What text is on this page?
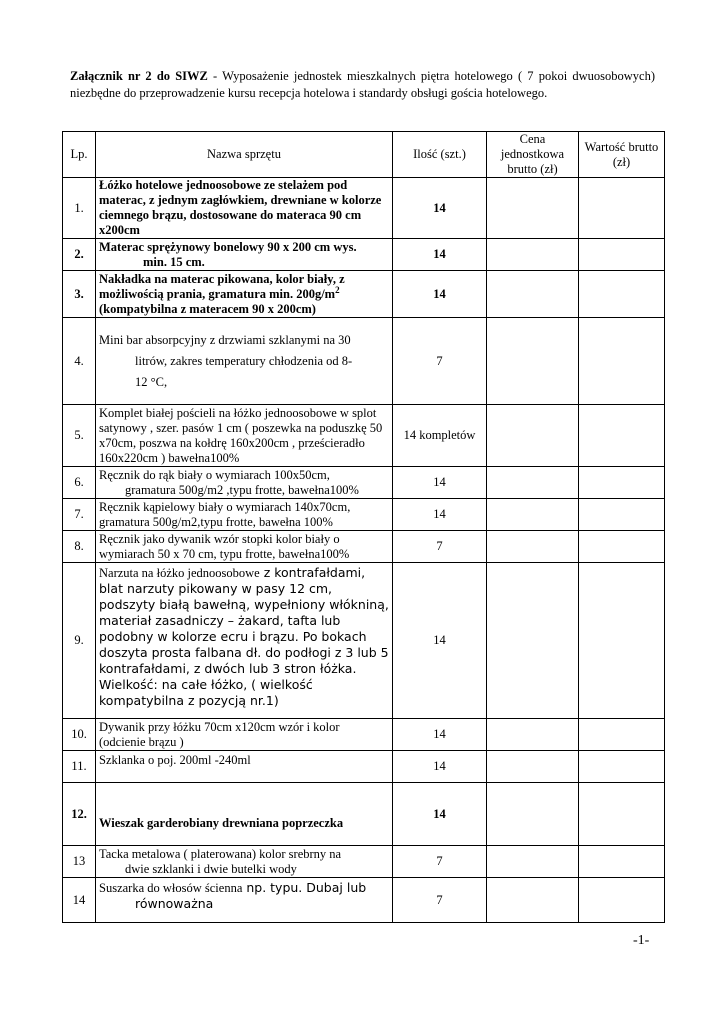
Załącznik nr 2 do SIWZ - Wyposażenie jednostek mieszkalnych piętra hotelowego ( 7 pokoi dwuosobowych) niezbędne do przeprowadzenie kursu recepcja hotelowa i standardy obsługi gościa hotelowego.
Lp.	Nazwa sprzętu	Ilość (szt.)	Cena jednostkowa brutto (zł)	Wartość brutto (zł)
1.	Łóżko hotelowe jednoosobowe ze stelażem pod materac, z jednym zagłówkiem, drewniane w kolorze ciemnego brązu, dostosowane do materaca 90 cm x200cm	14		
2.	Materac sprężynowy bonelowy 90 x 200 cm wys.
min. 15 cm.	14		
3.	Nakładka na materac pikowana, kolor biały, z możliwością prania, gramatura min. $200g/m^2$
(kompatybilna z materacem 90 x 200cm)	14		
4.	Mini bar absorpcyjny z drzwiami szklanymi na 30
litrów, zakres temperatury chłodzenia od 8-
12 °C,	7		
5.	Komplet białej pościeli na łóżko jednoosobowe w splot satynowy , szer. pasów 1 cm ( poszewka na poduszkę 50 x70cm, poszwa na kołdrę 160x200cm , prześcieradło 160x220cm ) bawełna100%	14 kompletów		
6.	Ręcznik do rąk biały o wymiarach 100x50cm,
gramatura 500g/m2 ,typu frotte, bawełna100%	14		
7.	Ręcznik kąpielowy biały o wymiarach 140x70cm, gramatura 500g/m2,typu frotte, bawełna 100%	14		
8.	Ręcznik jako dywanik wzór stopki kolor biały o wymiarach 50 x 70 cm, typu frotte, bawełna100%	7		
9.	Narzuta na łóżko jednoosobowe z kontrafałdami, blat narzuty pikowany w pasy 12 cm, podszyty białą bawełną, wypełniony włókniną, materiał zasadniczy – żakard, tafta lub podobny w kolorze ecru i brązu. Po bokach doszyta prosta falbana dł. do podłogi z 3 lub 5 kontrafałdami, z dwóch lub 3 stron łóżka. Wielkość: na całe łóżko, ( wielkość kompatybilna z pozycją nr.1)	14		
10.	Dywanik przy łóżku 70cm x120cm wzór i kolor (odcienie brązu )	14		
11.	Szklanka o poj. 200ml -240ml	14		
12.	Wieszak garderobiany drewniana poprzeczka	14		
13	Tacka metalowa ( platerowana) kolor srebrny na
dwie szklanki i dwie butelki wody	7		
14	Suszarka do włosów ścienna np. typu. Dubaj lub
równoważna	7		
-1-
